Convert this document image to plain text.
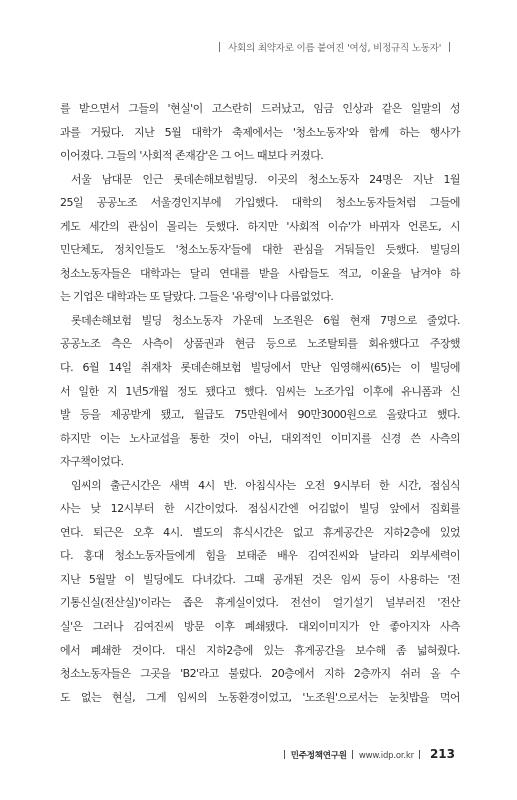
사회의 최약자로 이름 붙여진 '여성, 비정규직 노동자'

를 받으면서 그들의 '현실'이 고스란히 드러났고, 임금 인상과 같은 일말의 성

과를 거뒀다. 지난 5월 대학가 축제에서는 '청소노동자'와 함께 하는 행사가

이어졌다. 그들의 '사회적 존재감'은 그 어느 때보다 커졌다.

서울 남대문 인근 롯데손해보험빌딩. 이곳의 청소노동자 24명은 지난 1월

25일 공공노조 서울경인지부에 가입했다. 대학의 청소노동자들처럼 그들에

게도 세간의 관심이 몰리는 듯했다. 하지만 '사회적 이슈'가 바뀌자 언론도, 시

민단체도, 정치인들도 '청소노동자'들에 대한 관심을 거둬들인 듯했다. 빌딩의

청소노동자들은 대학과는 달리 연대를 받을 사람들도 적고, 이윤을 남겨야 하

는 기업은 대학과는 또 달랐다. 그들은 '유령'이나 다름없었다.

롯데손해보험 빌딩 청소노동자 가운데 노조원은 6월 현재 7명으로 줄었다.

공공노조 측은 사측이 상품권과 현금 등으로 노조탈퇴를 회유했다고 주장했

다. 6월 14일 취재차 롯데손해보험 빌딩에서 만난 임영해씨(65)는 이 빌딩에

서 일한 지 1년5개월 정도 됐다고 했다. 임씨는 노조가입 이후에 유니폼과 신

발 등을 제공받게 됐고, 월급도 75만원에서 90만3000원으로 올랐다고 했다.

하지만 이는 노사교섭을 통한 것이 아닌, 대외적인 이미지를 신경 쓴 사측의

자구책이었다.

임씨의 출근시간은 새벽 4시 반. 아침식사는 오전 9시부터 한 시간, 점심식

사는 낮 12시부터 한 시간이었다. 점심시간엔 어김없이 빌딩 앞에서 집회를

연다. 퇴근은 오후 4시. 별도의 휴식시간은 없고 휴게공간은 지하2층에 있었

다. 홍대 청소노동자들에게 힘을 보태준 배우 김여진씨와 날라리 외부세력이

지난 5월말 이 빌딩에도 다녀갔다. 그때 공개된 것은 임씨 등이 사용하는 '전

기통신실(전산실)'이라는 좁은 휴게실이었다. 전선이 얼기설기 널부러진 '전산

실'은 그러나 김여진씨 방문 이후 폐쇄됐다. 대외이미지가 안 좋아지자 사측

에서 폐쇄한 것이다. 대신 지하2층에 있는 휴게공간을 보수해 좀 넓혀줬다.

청소노동자들은 그곳을 'B2'라고 불렀다. 20층에서 지하 2층까지 쉬러 올 수

도 없는 현실, 그게 임씨의 노동환경이었고, '노조원'으로서는 눈칫밥을 먹어

민주정책연구원 www.idp.or.kr 213
